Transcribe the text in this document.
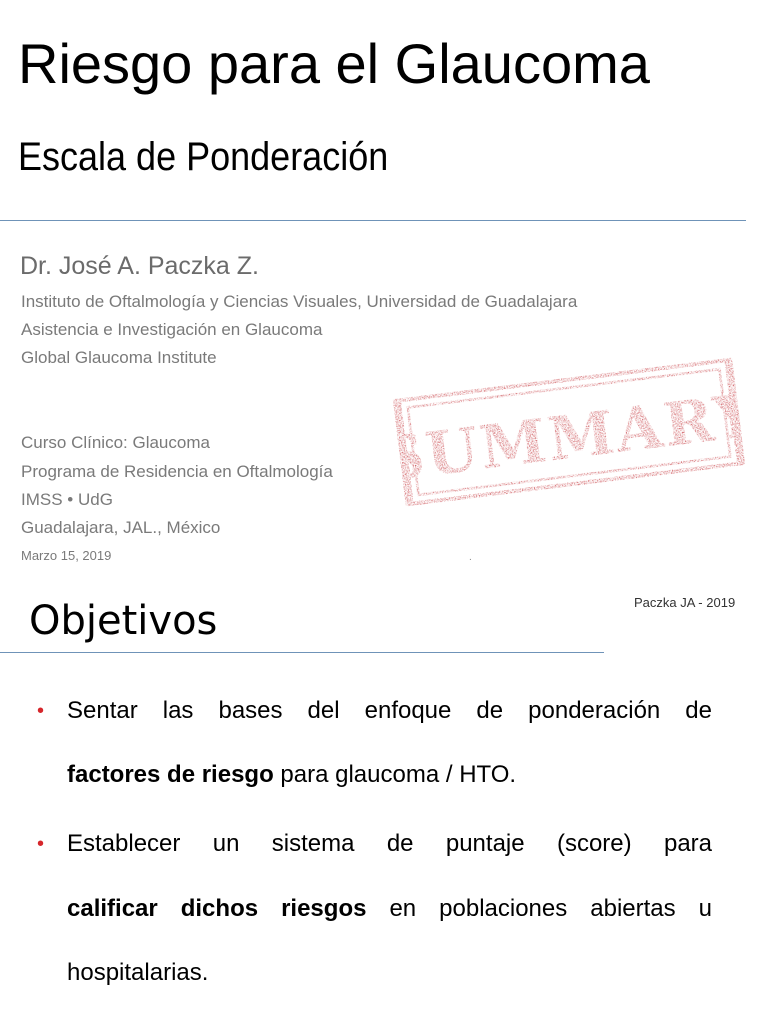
Riesgo para el Glaucoma
Escala de Ponderación
Dr. José A. Paczka Z.
Instituto de Oftalmología y Ciencias Visuales, Universidad de Guadalajara
Asistencia e Investigación en Glaucoma
Global Glaucoma Institute
Curso Clínico: Glaucoma
Programa de Residencia en Oftalmología
IMSS • UdG
Guadalajara, JAL., México
Marzo 15, 2019	.
SUMMARY
Paczka JA - 2019
Objetivos
• Sentar las bases del enfoque de ponderación de
factores de riesgo para glaucoma / HTO.
• Establecer un sistema de puntaje (score) para
calificar dichos riesgos en poblaciones abiertas u
hospitalarias.
